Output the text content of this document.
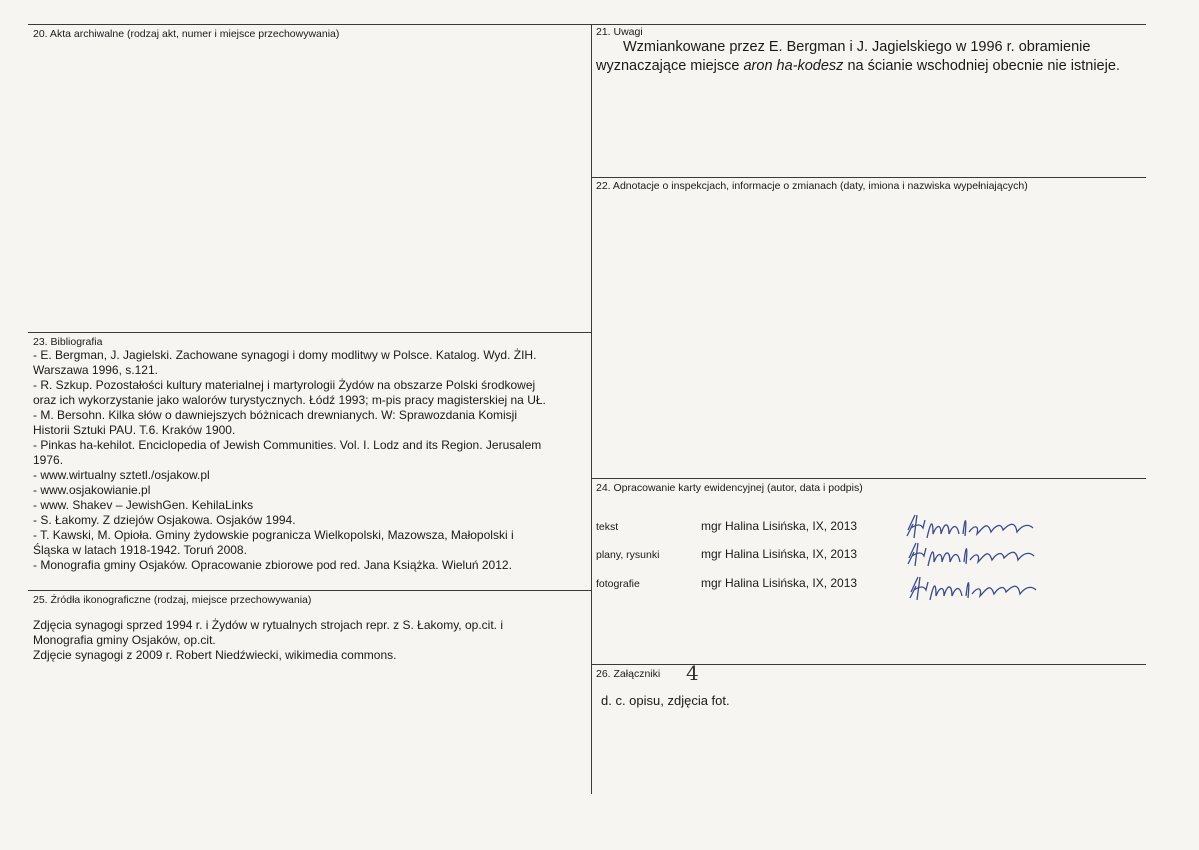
20. Akta archiwalne (rodzaj akt, numer i miejsce przechowywania)	21. Uwagi
Wzmiankowane przez E. Bergman i J. Jagielskiego w 1996 r. obramienie
wyznaczające miejsce aron ha-kodesz na ścianie wschodniej obecnie nie istnieje.
22. Adnotacje o inspekcjach, informacje o zmianach (daty, imiona i nazwiska wypełniających)
23. Bibliografia
- E. Bergman, J. Jagielski. Zachowane synagogi i domy modlitwy w Polsce. Katalog. Wyd. ŻIH.
Warszawa 1996, s.121.
- R. Szkup. Pozostałości kultury materialnej i martyrologii Żydów na obszarze Polski środkowej
oraz ich wykorzystanie jako walorów turystycznych. Łódź 1993; m-pis pracy magisterskiej na UŁ.
- M. Bersohn. Kilka słów o dawniejszych bóżnicach drewnianych. W: Sprawozdania Komisji
Historii Sztuki PAU. T.6. Kraków 1900.
- Pinkas ha-kehilot. Enciclopedia of Jewish Communities. Vol. I. Lodz and its Region. Jerusalem
1976.
- www.wirtualny sztetl./osjakow.pl
- www.osjakowianie.pl
- www. Shakev – JewishGen. KehilaLinks
- S. Łakomy. Z dziejów Osjakowa. Osjaków 1994.
- T. Kawski, M. Opioła. Gminy żydowskie pogranicza Wielkopolski, Mazowsza, Małopolski i
Śląska w latach 1918-1942. Toruń 2008.
- Monografia gminy Osjaków. Opracowanie zbiorowe pod red. Jana Książka. Wieluń 2012.
24. Opracowanie karty ewidencyjnej (autor, data i podpis)
tekst	mgr Halina Lisińska, IX, 2013
plany, rysunki	mgr Halina Lisińska, IX, 2013
fotografie	mgr Halina Lisińska, IX, 2013
25. Źródła ikonograficzne (rodzaj, miejsce przechowywania)
Zdjęcia synagogi sprzed 1994 r. i Żydów w rytualnych strojach repr. z S. Łakomy, op.cit. i
Monografia gminy Osjaków, op.cit.
Zdjęcie synagogi z 2009 r. Robert Niedźwiecki, wikimedia commons.
26. Załączniki 4
d. c. opisu, zdjęcia fot.
